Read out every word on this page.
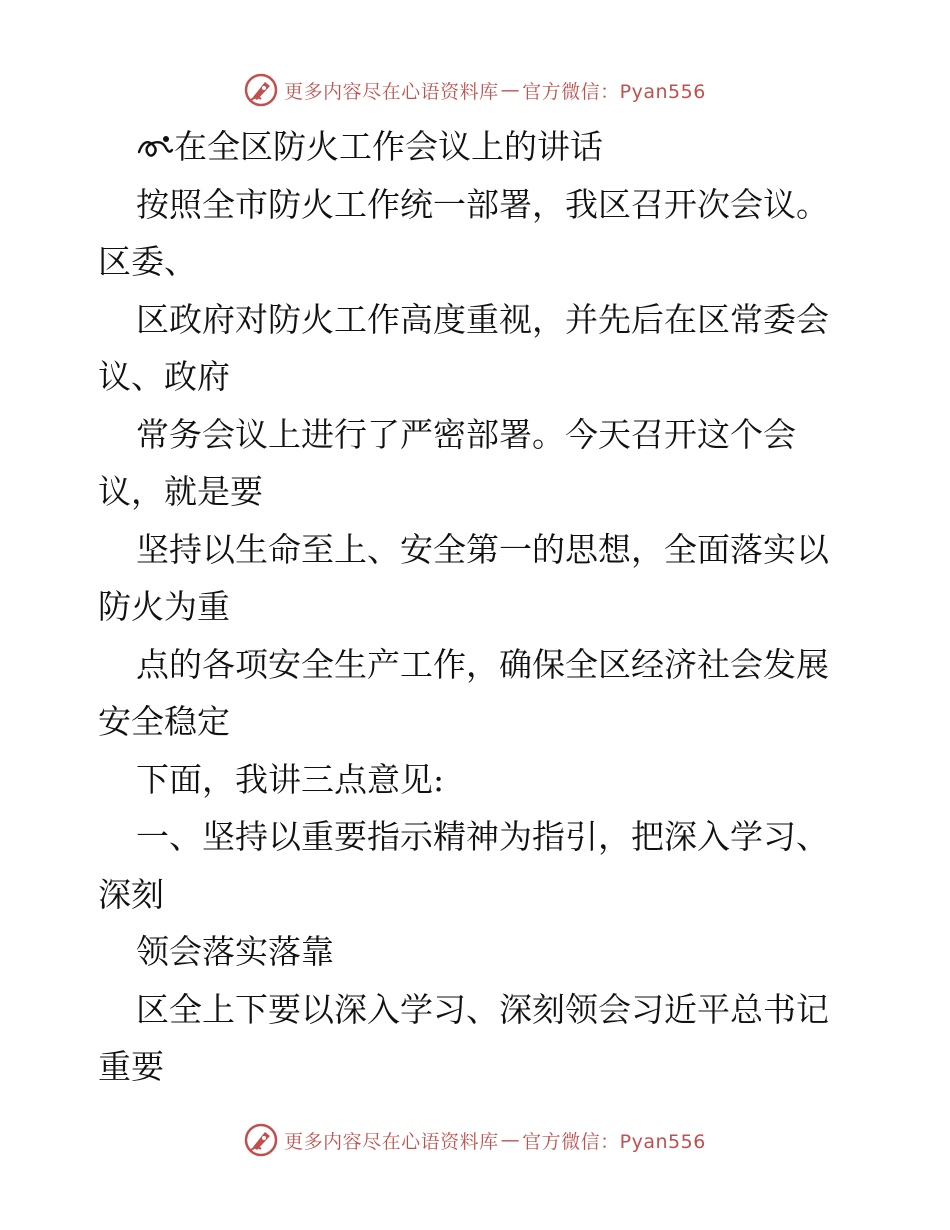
更多内容尽在心语资料库 — 官方微信：Pyan556

在全区防火工作会议上的讲话

按照全市防火工作统一部署，我区召开次会议。

区委、

区政府对防火工作高度重视，并先后在区常委会

议、政府

常务会议上进行了严密部署。今天召开这个会

议，就是要

坚持以生命至上、安全第一的思想，全面落实以

防火为重

点的各项安全生产工作，确保全区经济社会发展

安全稳定

下面，我讲三点意见:

一、坚持以重要指示精神为指引，把深入学习、

深刻

领会落实落靠

区全上下要以深入学习、深刻领会习近平总书记

重要

更多内容尽在心语资料库 — 官方微信：Pyan556
